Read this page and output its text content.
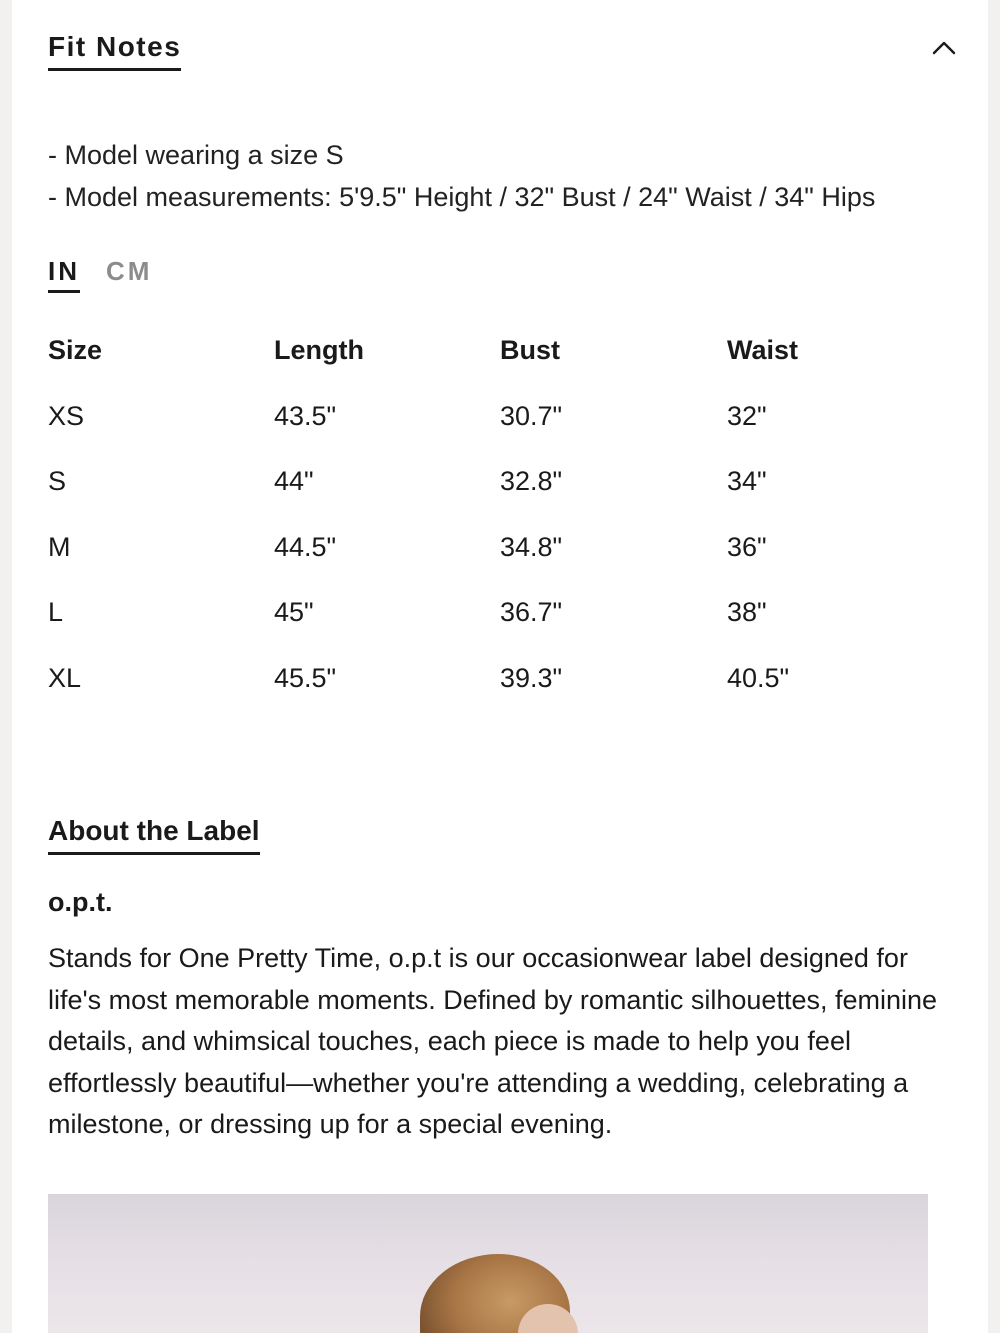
Fit Notes
- Model wearing a size S
- Model measurements: 5'9.5" Height / 32" Bust / 24" Waist / 34" Hips
IN CM
Size	Length	Bust	Waist
XS	43.5"	30.7"	32"
S	44"	32.8"	34"
M	44.5"	34.8"	36"
L	45"	36.7"	38"
XL	45.5"	39.3"	40.5"
About the Label
o.p.t.
Stands for One Pretty Time, o.p.t is our occasionwear label designed for life's most memorable moments. Defined by romantic silhouettes, feminine details, and whimsical touches, each piece is made to help you feel effortlessly beautiful—whether you're attending a wedding, celebrating a milestone, or dressing up for a special evening.
